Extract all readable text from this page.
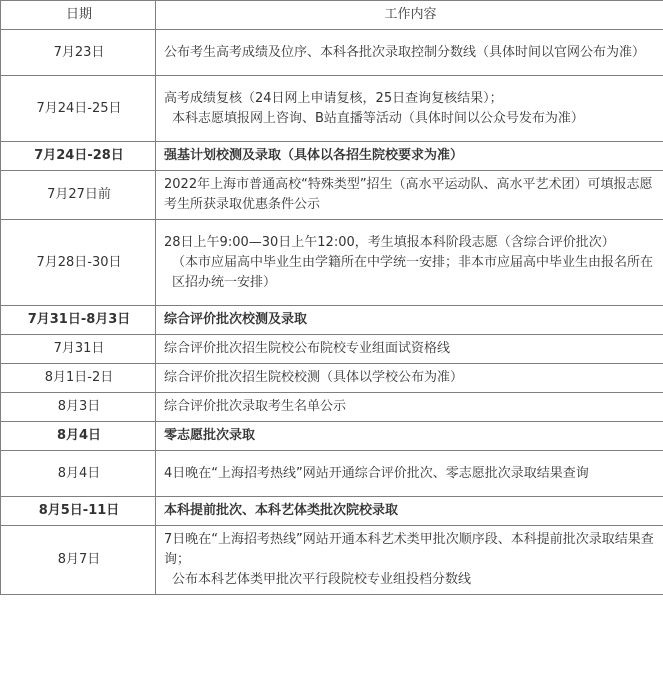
日期	工作内容
7月23日	公布考生高考成绩及位序、本科各批次录取控制分数线（具体时间以官网公布为准）

7月24日-25日	高考成绩复核（24日网上申请复核，25日查询复核结果）；
本科志愿填报网上咨询、B站直播等活动（具体时间以公众号发布为准）

7月24日-28日	强基计划校测及录取（具体以各招生院校要求为准）

7月27日前	2022年上海市普通高校“特殊类型”招生（高水平运动队、高水平艺术团）可填报志愿考生所获录取优惠条件公示

7月28日-30日	28日上午9:00—30日上午12:00，考生填报本科阶段志愿（含综合评价批次）
（本市应届高中毕业生由学籍所在中学统一安排；非本市应届高中毕业生由报名所在区招办统一安排）

7月31日-8月3日	综合评价批次校测及录取

7月31日	综合评价批次招生院校公布院校专业组面试资格线

8月1日-2日	综合评价批次招生院校校测（具体以学校公布为准）

8月3日	综合评价批次录取考生名单公示

8月4日	零志愿批次录取

8月4日	4日晚在“上海招考热线”网站开通综合评价批次、零志愿批次录取结果查询

8月5日-11日	本科提前批次、本科艺体类批次院校录取

8月7日	7日晚在“上海招考热线”网站开通本科艺术类甲批次顺序段、本科提前批次录取结果查询；
公布本科艺体类甲批次平行段院校专业组投档分数线
